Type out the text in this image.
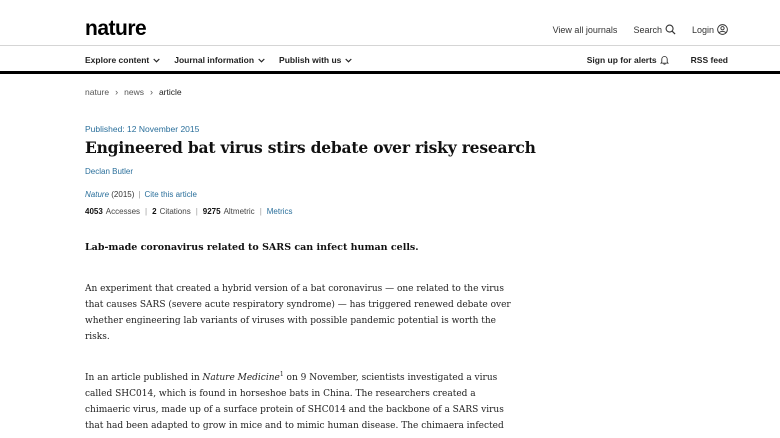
nature	View all journals Search	Login
Explore content	Journal information	Publish with us	Sign up for alerts	RSS feed
nature › news › article
Published: 12 November 2015
Engineered bat virus stirs debate over risky research
Declan Butler
Nature
(2015) | Cite this article
4053 Accesses | 2 Citations | 9275 Altmetric | Metrics

Lab-made coronavirus related to SARS can infect human cells.

An experiment that created a hybrid version of a bat coronavirus — one related to the virus
that causes SARS (severe acute respiratory syndrome) — has triggered renewed debate over
whether engineering lab variants of viruses with possible pandemic potential is worth the
risks.
In an article published in Nature Medicine$^1$ on 9 November, scientists investigated a virus
called SHC014, which is found in horseshoe bats in China. The researchers created a
chimaeric virus, made up of a surface protein of SHC014 and the backbone of a SARS virus
that had been adapted to grow in mice and to mimic human disease. The chimaera infected
